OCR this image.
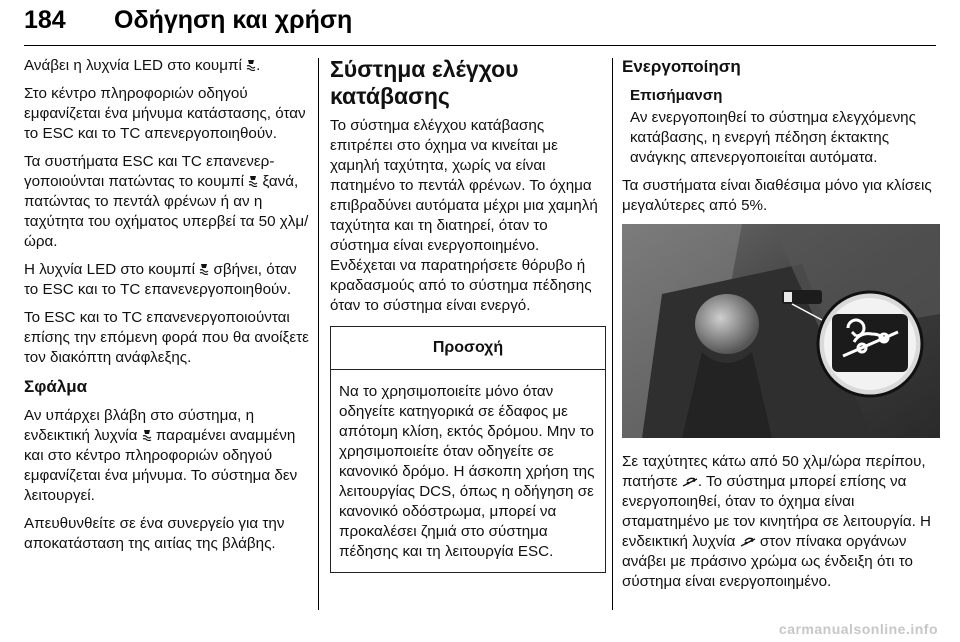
184 Οδήγηση και χρήση

Ανάβει η λυχνία LED στο κουμπί .

Στο κέντρο πληροφοριών οδηγού εμφανίζεται ένα μήνυμα κατάστασης, όταν το ESC και το TC απενεργοποιηθούν.

Τα συστήματα ESC και TC επανενεργοποιούνται πατώντας το κουμπί ξανά, πατώντας το πεντάλ φρένων ή αν η ταχύτητα του οχήματος υπερβεί τα 50 χλμ/ώρα.

Η λυχνία LED στο κουμπί σβήνει, όταν το ESC και το TC επανενεργοποιηθούν.

Το ESC και το TC επανενεργοποιούνται επίσης την επόμενη φορά που θα ανοίξετε τον διακόπτη ανάφλεξης.

Σφάλμα

Αν υπάρχει βλάβη στο σύστημα, η ενδεικτική λυχνία παραμένει αναμμένη και στο κέντρο πληροφοριών οδηγού εμφανίζεται ένα μήνυμα. Το σύστημα δεν λειτουργεί.

Απευθυνθείτε σε ένα συνεργείο για την αποκατάσταση της αιτίας της βλάβης.

Σύστημα ελέγχου κατάβασης

Το σύστημα ελέγχου κατάβασης επιτρέπει στο όχημα να κινείται με χαμηλή ταχύτητα, χωρίς να είναι πατημένο το πεντάλ φρένων. Το όχημα επιβραδύνει αυτόματα μέχρι μια χαμηλή ταχύτητα και τη διατηρεί, όταν το σύστημα είναι ενεργοποιημένο. Ενδέχεται να παρατηρήσετε θόρυβο ή κραδασμούς από το σύστημα πέδησης όταν το σύστημα είναι ενεργό.

Προσοχή
Να το χρησιμοποιείτε μόνο όταν οδηγείτε κατηγορικά σε έδαφος με απότομη κλίση, εκτός δρόμου. Μην το χρησιμοποιείτε όταν οδηγείτε σε κανονικό δρόμο. Η άσκοπη χρήση της λειτουργίας DCS, όπως η οδήγηση σε κανονικό οδόστρωμα, μπορεί να προκαλέσει ζημιά στο σύστημα πέδησης και τη λειτουργία ESC.
Ενεργοποίηση
Επισήμανση

Αν ενεργοποιηθεί το σύστημα ελεγχόμενης κατάβασης, η ενεργή πέδηση έκτακτης ανάγκης απενεργοποιείται αυτόματα.

Τα συστήματα είναι διαθέσιμα μόνο για κλίσεις μεγαλύτερες από 5%.

Σε ταχύτητες κάτω από 50 χλμ/ώρα περίπου, πατήστε . Το σύστημα μπορεί επίσης να ενεργοποιηθεί, όταν το όχημα είναι σταματημένο με τον κινητήρα σε λειτουργία. Η ενδεικτική λυχνία στον πίνακα οργάνων ανάβει με πράσινο χρώμα ως ένδειξη ότι το σύστημα είναι ενεργοποιημένο.

carmanualsonline.info
